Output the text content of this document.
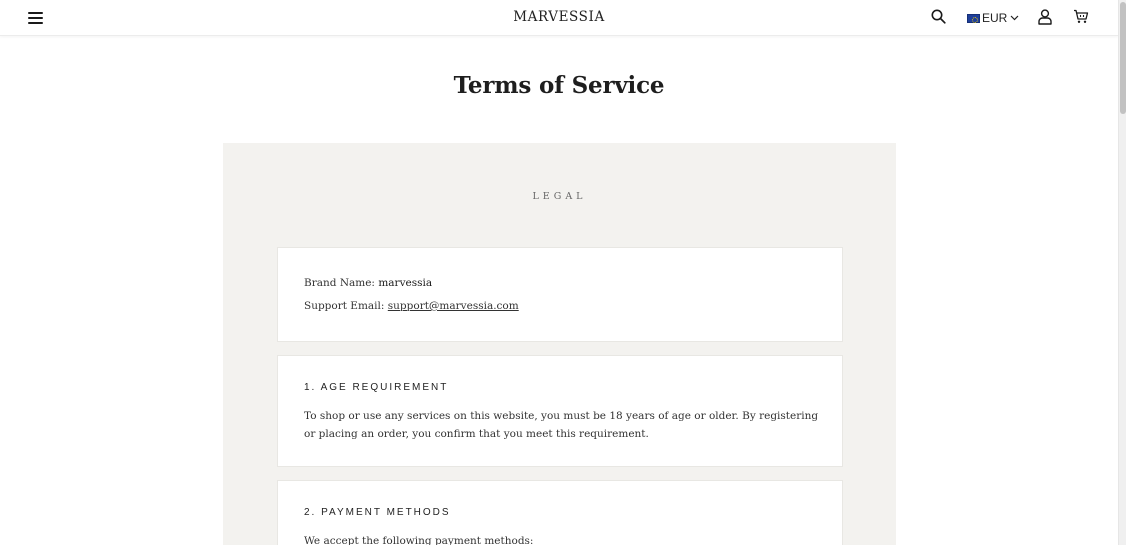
MARVESSIA	EUR
Terms of Service
LEGAL
Brand Name: marvessia
Support Email: support@marvessia.com
1. AGE REQUIREMENT

To shop or use any services on this website, you must be 18 years of age or older. By registering or placing an order, you confirm that you meet this requirement.

2. PAYMENT METHODS

We accept the following payment methods:
